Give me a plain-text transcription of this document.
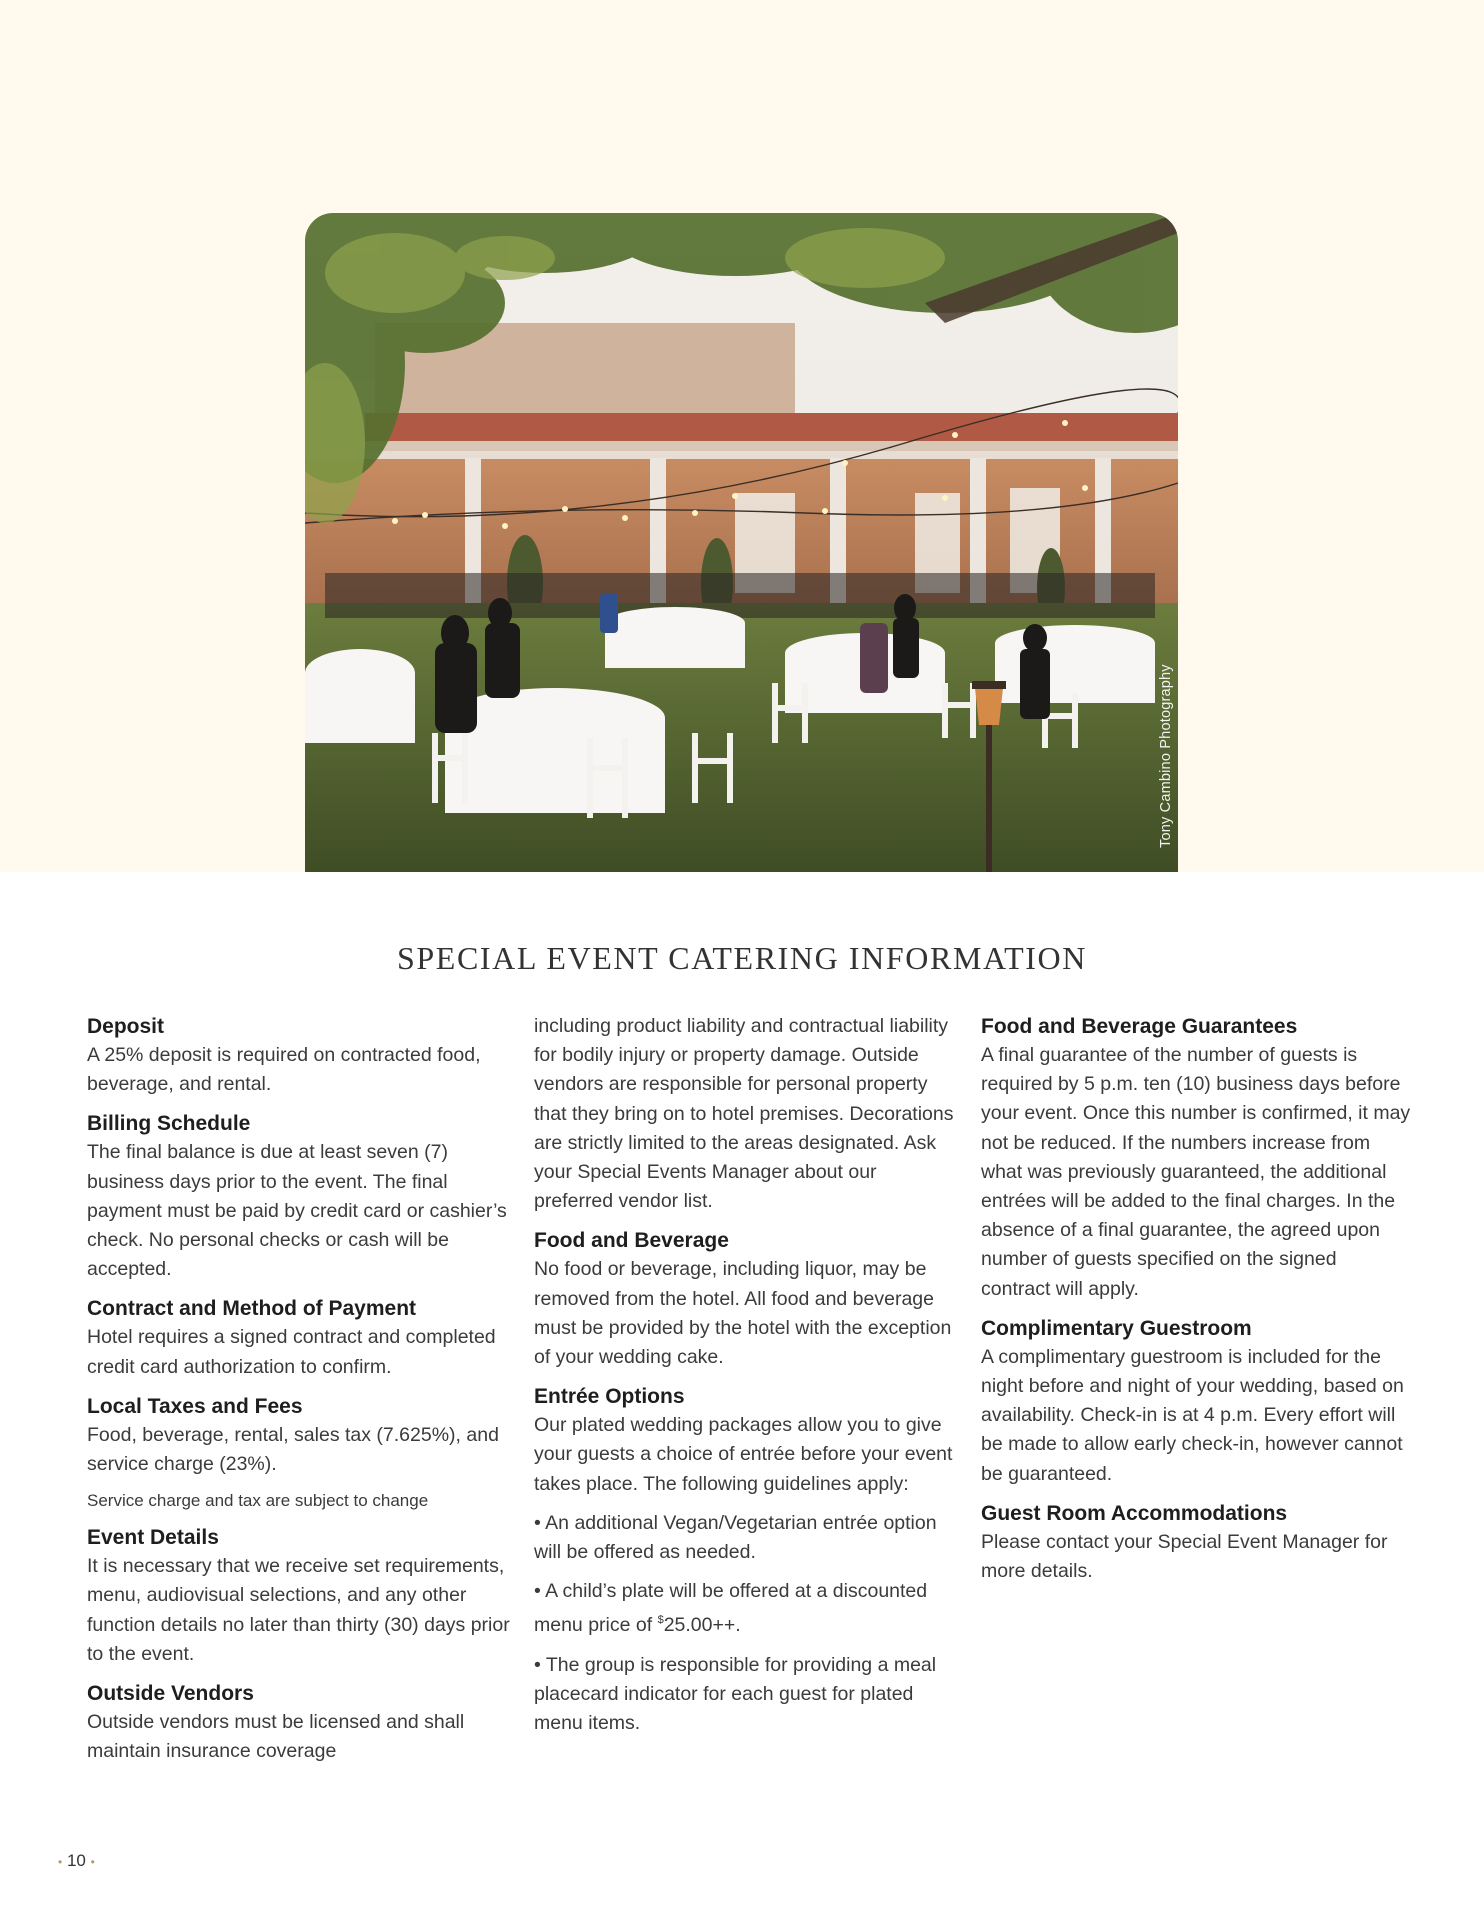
Tony Cambino Photography
SPECIAL EVENT CATERING INFORMATION

Deposit

A 25% deposit is required on contracted food, beverage, and rental.

Billing Schedule

The final balance is due at least seven (7) business days prior to the event. The final payment must be paid by credit card or cashier’s check. No personal checks or cash will be accepted.

Contract and Method of Payment

Hotel requires a signed contract and completed credit card authorization to confirm.

Local Taxes and Fees

Food, beverage, rental, sales tax (7.625%), and service charge (23%).

Service charge and tax are subject to change

Event Details

It is necessary that we receive set requirements, menu, audiovisual selections, and any other function details no later than thirty (30) days prior to the event.

Outside Vendors

Outside vendors must be licensed and shall maintain insurance coverage

including product liability and contractual liability for bodily injury or property damage. Outside vendors are responsible for personal property that they bring on to hotel premises. Decorations are strictly limited to the areas designated. Ask your Special Events Manager about our preferred vendor list.

Food and Beverage

No food or beverage, including liquor, may be removed from the hotel. All food and beverage must be provided by the hotel with the exception of your wedding cake.

Entrée Options

Our plated wedding packages allow you to give your guests a choice of entrée before your event takes place. The following guidelines apply:

• An additional Vegan/Vegetarian entrée option will be offered as needed.

• A child’s plate will be offered at a discounted menu price of $25.00++.

• The group is responsible for providing a meal placecard indicator for each guest for plated menu items.

Food and Beverage Guarantees

A final guarantee of the number of guests is required by 5 p.m. ten (10) business days before your event. Once this number is confirmed, it may not be reduced. If the numbers increase from what was previously guaranteed, the additional entrées will be added to the final charges. In the absence of a final guarantee, the agreed upon number of guests specified on the signed contract will apply.

Complimentary Guestroom

A complimentary guestroom is included for the night before and night of your wedding, based on availability. Check-in is at 4 p.m. Every effort will be made to allow early check-in, however cannot be guaranteed.

Guest Room Accommodations

Please contact your Special Event Manager for more details.

• 10 •
